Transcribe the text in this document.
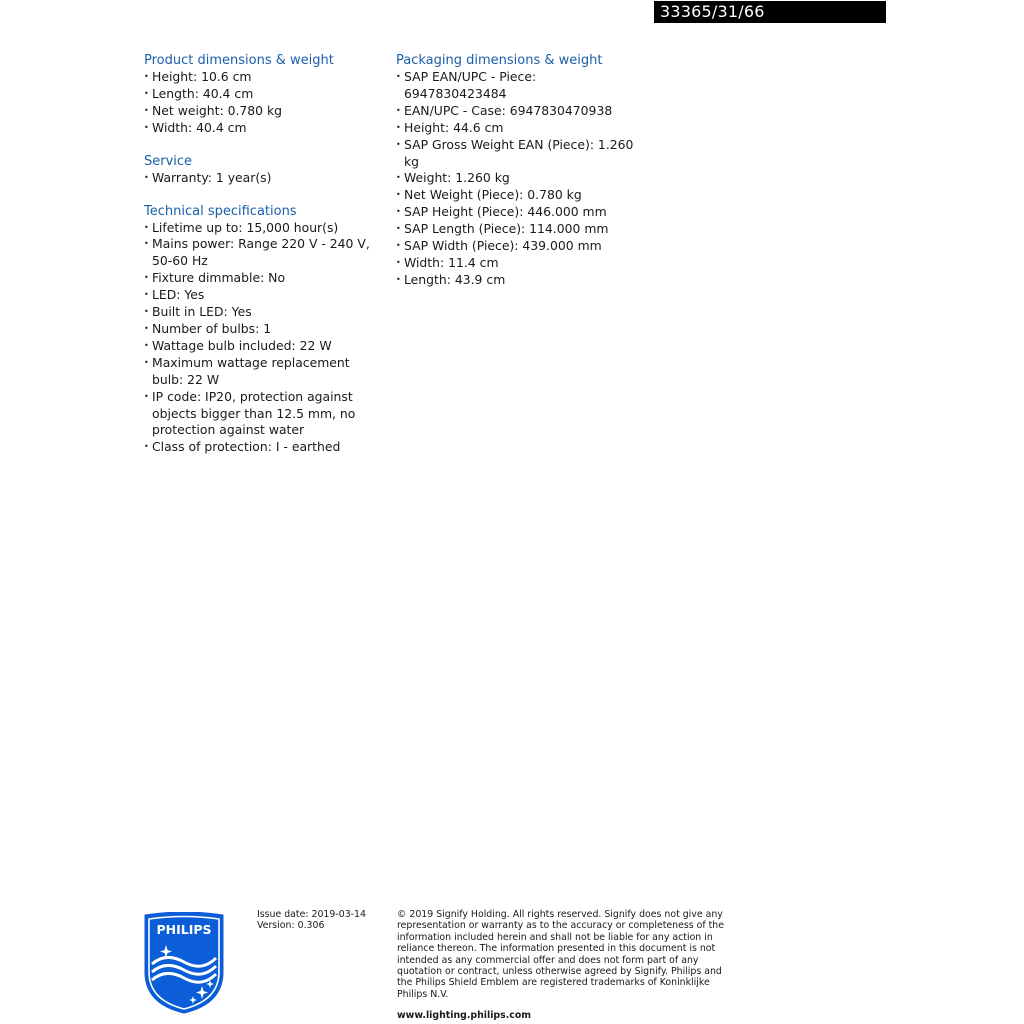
33365/31/66
Product dimensions & weight
• Height: 10.6 cm
• Length: 40.4 cm
• Net weight: 0.780 kg
• Width: 40.4 cm
Service
• Warranty: 1 year(s)
Technical specifications
• Lifetime up to: 15,000 hour(s)
• Mains power: Range 220 V - 240 V, 50-60 Hz
• Fixture dimmable: No
• LED: Yes
• Built in LED: Yes
• Number of bulbs: 1
• Wattage bulb included: 22 W
• Maximum wattage replacement bulb: 22 W
• IP code: IP20, protection against objects bigger than 12.5 mm, no protection against water
• Class of protection: I - earthed
Packaging dimensions & weight
• SAP EAN/UPC - Piece: 6947830423484
• EAN/UPC - Case: 6947830470938
• Height: 44.6 cm
• SAP Gross Weight EAN (Piece): 1.260 kg
• Weight: 1.260 kg
• Net Weight (Piece): 0.780 kg
• SAP Height (Piece): 446.000 mm
• SAP Length (Piece): 114.000 mm
• SAP Width (Piece): 439.000 mm
• Width: 11.4 cm
• Length: 43.9 cm
PHILIPS
Issue date: 2019-03-14
Version: 0.306
© 2019 Signify Holding. All rights reserved. Signify does not give any representation or warranty as to the accuracy or completeness of the information included herein and shall not be liable for any action in reliance thereon. The information presented in this document is not intended as any commercial offer and does not form part of any quotation or contract, unless otherwise agreed by Signify. Philips and the Philips Shield Emblem are registered trademarks of Koninklijke Philips N.V.
www.lighting.philips.com
